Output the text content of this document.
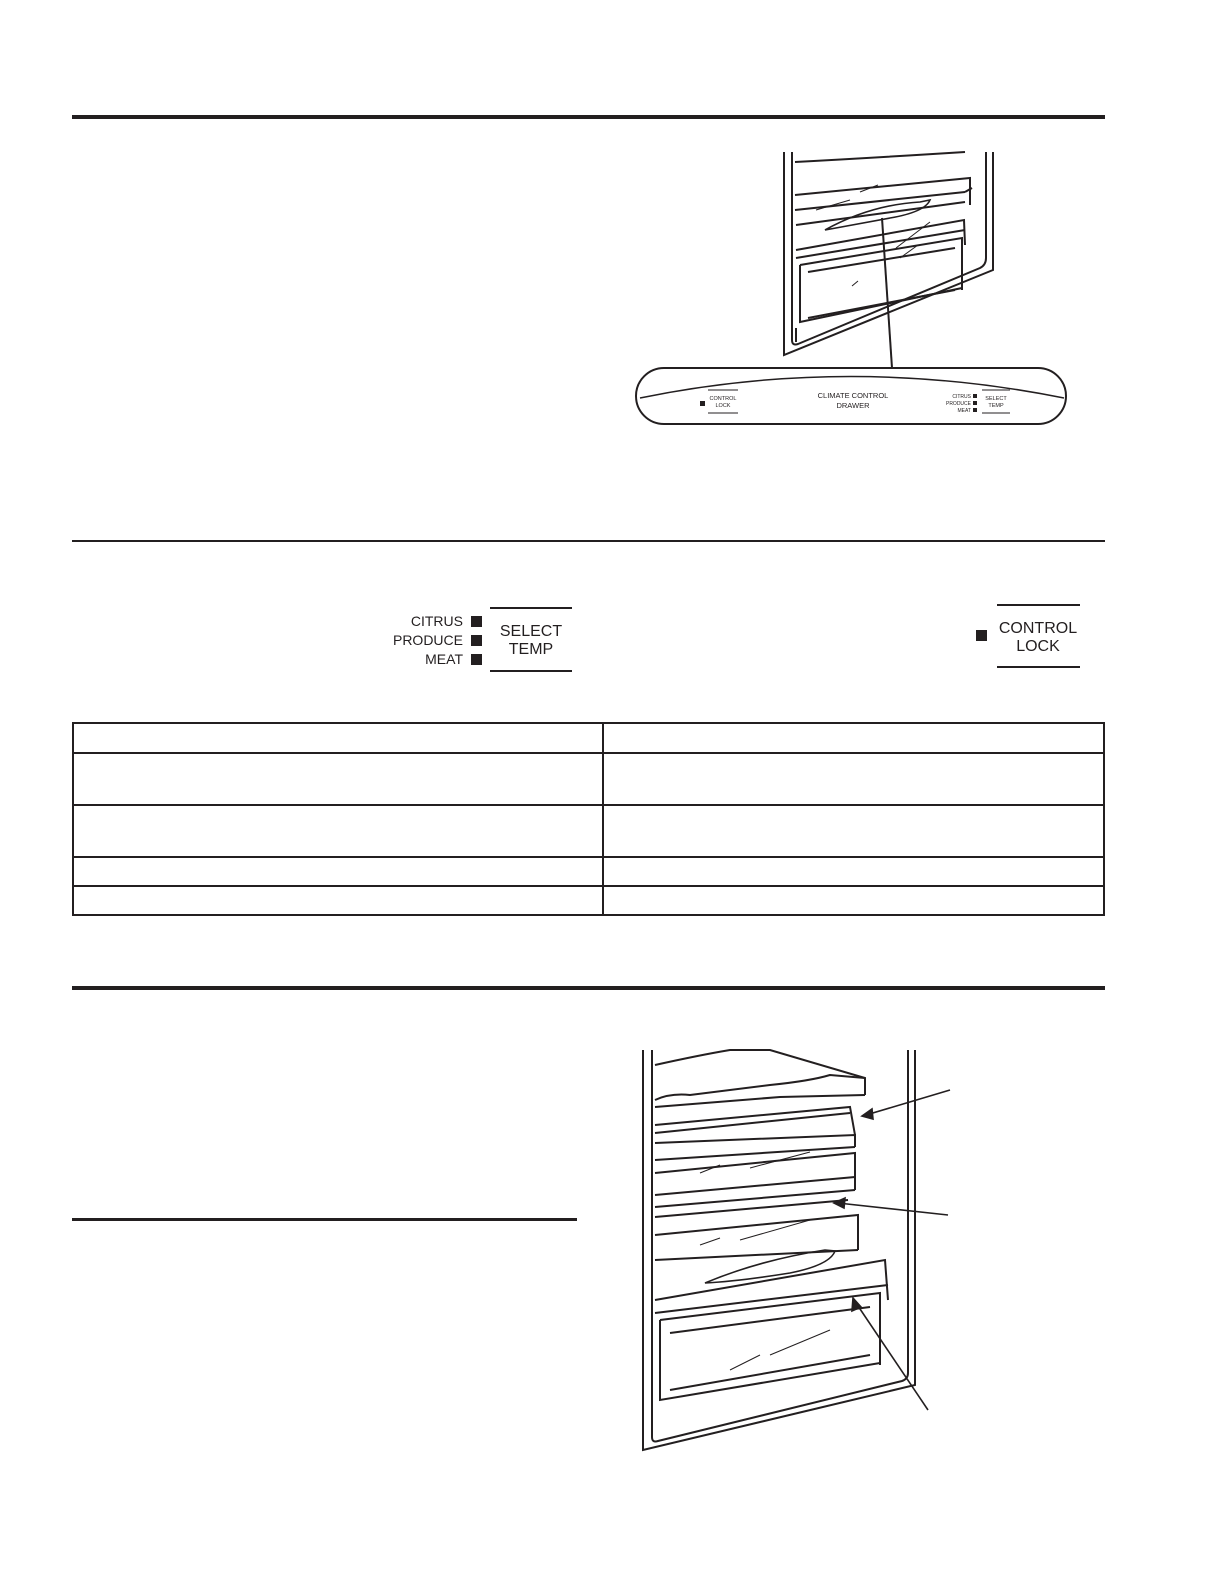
CONTROL
LOCK
CLIMATE CONTROL
DRAWER
CITRUS
PRODUCE
MEAT
SELECT
TEMP
CITRUS
PRODUCE
MEAT
SELECT
TEMP
CONTROL
LOCK
